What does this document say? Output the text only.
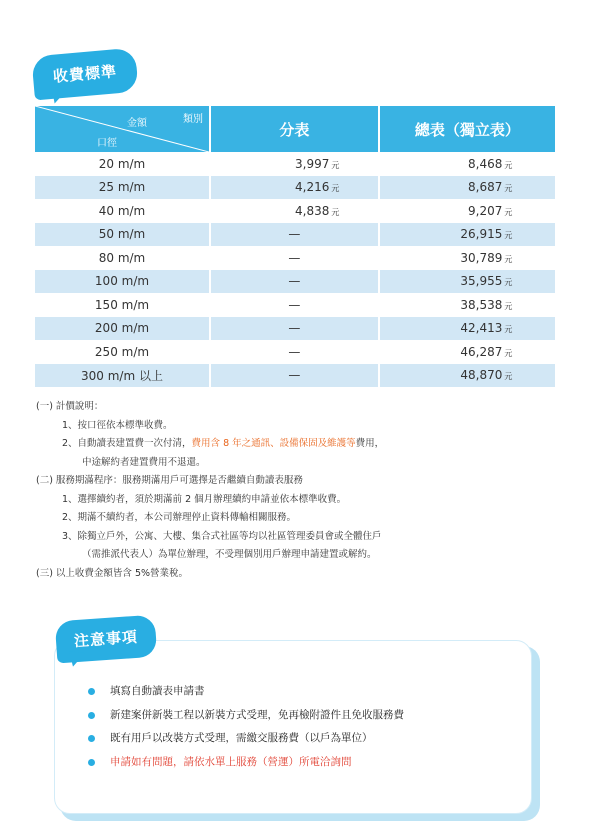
收費標準
類別
金額
口徑	分表	總表（獨立表）
20 m/m	3,997 元	8,468 元
25 m/m	4,216 元	8,687 元
40 m/m	4,838 元	9,207 元
50 m/m	—	26,915 元
80 m/m	—	30,789 元
100 m/m	—	35,955 元
150 m/m	—	38,538 元
200 m/m	—	42,413 元
250 m/m	—	46,287 元
300 m/m 以上	—	48,870 元
(一) 計價說明：
1、按口徑依本標準收費。
2、自動讀表建置費一次付清，費用含 8 年之通訊、設備保固及維護等費用，
中途解約者建置費用不退還。
(二) 服務期滿程序：服務期滿用戶可選擇是否繼續自動讀表服務
1、選擇續約者，須於期滿前 2 個月辦理續約申請並依本標準收費。
2、期滿不續約者，本公司辦理停止資料傳輸相關服務。
3、除獨立戶外，公寓、大樓、集合式社區等均以社區管理委員會或全體住戶
（需推派代表人）為單位辦理，不受理個別用戶辦理申請建置或解約。
(三) 以上收費金額皆含 5%營業稅。
注意事項
填寫自動讀表申請書
新建案併新裝工程以新裝方式受理，免再檢附證件且免收服務費
既有用戶以改裝方式受理，需繳交服務費（以戶為單位）
申請如有問題，請依水單上服務（營運）所電洽詢問
